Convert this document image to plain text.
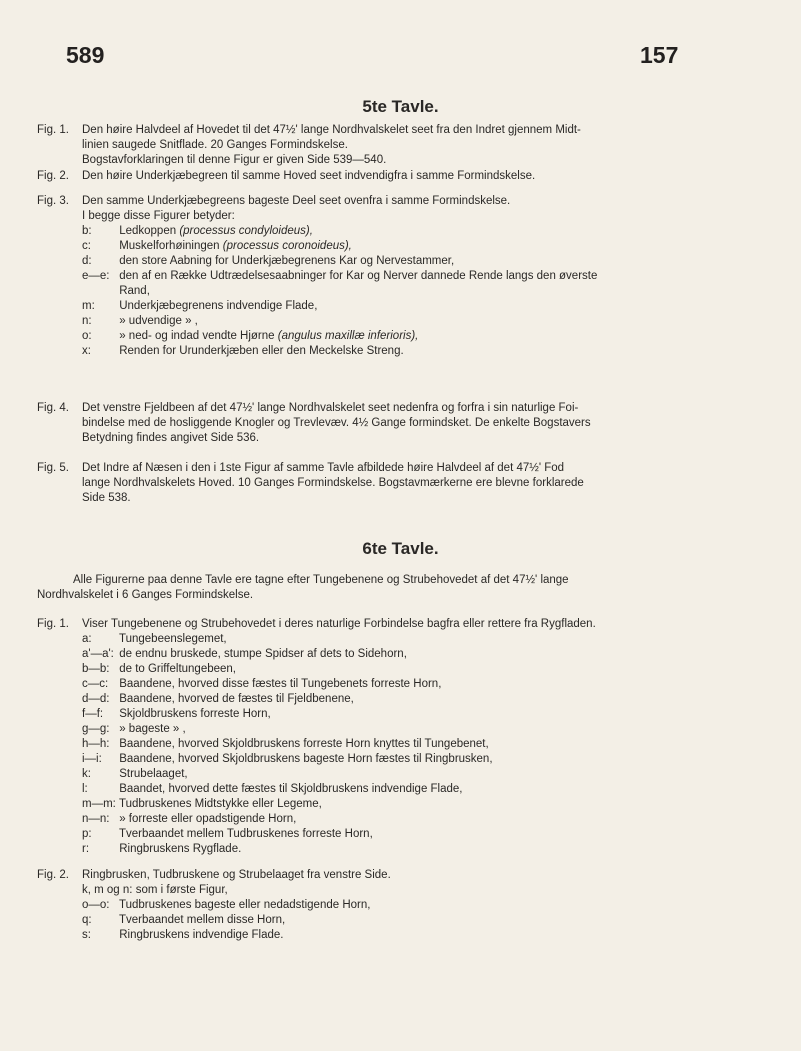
589	157
5te Tavle.
Fig. 1. Den høire Halvdeel af Hovedet til det 47½' lange Nordhvalskelet seet fra den Indret gjennem Midt-
linien saugede Snitflade. 20 Ganges Formindskelse.
Bogstavforklaringen til denne Figur er given Side 539—540.
Fig. 2. Den høire Underkjæbegreen til samme Hoved seet indvendigfra i samme Formindskelse.
Fig. 3. Den samme Underkjæbegreens bageste Deel seet ovenfra i samme Formindskelse.
I begge disse Figurer betyder:
b: Ledkoppen (processus condyloideus),
c: Muskelforhøiningen (processus coronoideus),
d: den store Aabning for Underkjæbegrenens Kar og Nervestammer,
e—e: den af en Række Udtrædelsesaabninger for Kar og Nerver dannede Rende langs den øverste
Rand,
m: Underkjæbegrenens indvendige Flade,
n: » udvendige » ,
o: » ned- og indad vendte Hjørne (angulus maxillæ inferioris),
x: Renden for Urunderkjæben eller den Meckelske Streng.
Fig. 4. Det venstre Fjeldbeen af det 47½' lange Nordhvalskelet seet nedenfra og forfra i sin naturlige Foi-
bindelse med de hosliggende Knogler og Trevlevæv. 4½ Gange formindsket. De enkelte Bogstavers
Betydning findes angivet Side 536.
Fig. 5. Det Indre af Næsen i den i 1ste Figur af samme Tavle afbildede høire Halvdeel af det 47½' Fod
lange Nordhvalskelets Hoved. 10 Ganges Formindskelse. Bogstavmærkerne ere blevne forklarede
Side 538.
6te Tavle.
Alle Figurerne paa denne Tavle ere tagne efter Tungebenene og Strubehovedet af det 47½' lange
Nordhvalskelet i 6 Ganges Formindskelse.
Fig. 1. Viser Tungebenene og Strubehovedet i deres naturlige Forbindelse bagfra eller rettere fra Rygfladen.
a: Tungebeenslegemet,
a'—a': de endnu bruskede, stumpe Spidser af dets to Sidehorn,
b—b: de to Griffeltungebeen,
c—c: Baandene, hvorved disse fæstes til Tungebenets forreste Horn,
d—d: Baandene, hvorved de fæstes til Fjeldbenene,
f—f: Skjoldbruskens forreste Horn,
g—g: » bageste » ,
h—h: Baandene, hvorved Skjoldbruskens forreste Horn knyttes til Tungebenet,
i—i: Baandene, hvorved Skjoldbruskens bageste Horn fæstes til Ringbrusken,
k: Strubelaaget,
l:	Baandet, hvorved dette fæstes til Skjoldbruskens indvendige Flade,
m—m: Tudbruskenes Midtstykke eller Legeme,
n—n: » forreste eller opadstigende Horn,
p: Tverbaandet mellem Tudbruskenes forreste Horn,
r:	Ringbruskens Rygflade.
Fig. 2. Ringbrusken, Tudbruskene og Strubelaaget fra venstre Side.
k, m og n: som i første Figur,
o—o: Tudbruskenes bageste eller nedadstigende Horn,
q: Tverbaandet mellem disse Horn,
s: Ringbruskens indvendige Flade.
